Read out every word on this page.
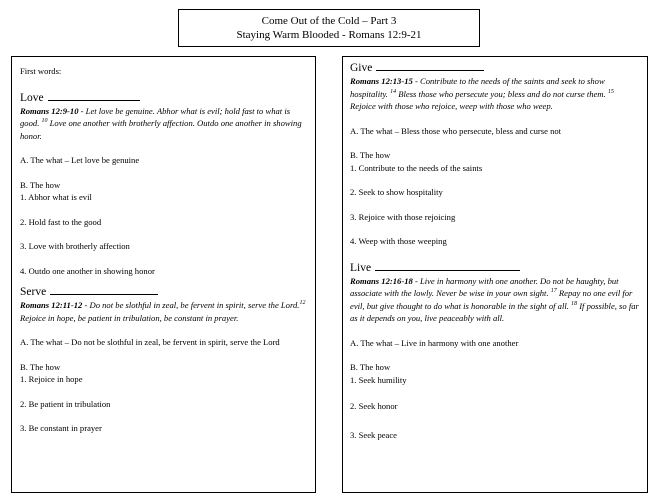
Come Out of the Cold – Part 3
Staying Warm Blooded - Romans 12:9-21
First words:
Love
Romans 12:9-10 - Let love be genuine. Abhor what is evil; hold fast to what is good. $^{10}$ Love one another with brotherly affection. Outdo one another in showing honor.
A. The what – Let love be genuine
B. The how
1. Abhor what is evil
2. Hold fast to the good
3. Love with brotherly affection
4. Outdo one another in showing honor
Serve
Romans 12:11-12 - Do not be slothful in zeal, be fervent in spirit, serve the Lord.$^{12}$ Rejoice in hope, be patient in tribulation, be constant in prayer.
A. The what – Do not be slothful in zeal, be fervent in spirit, serve the Lord
B. The how
1. Rejoice in hope
2. Be patient in tribulation
3. Be constant in prayer
Give
Romans 12:13-15 - Contribute to the needs of the saints and seek to show hospitality. $^{14}$ Bless those who persecute you; bless and do not curse them. $^{15}$ Rejoice with those who rejoice, weep with those who weep.
A. The what – Bless those who persecute, bless and curse not
B. The how
1. Contribute to the needs of the saints
2. Seek to show hospitality
3. Rejoice with those rejoicing
4. Weep with those weeping
Live
Romans 12:16-18 - Live in harmony with one another. Do not be haughty, but associate with the lowly. Never be wise in your own sight. $^{17}$ Repay no one evil for evil, but give thought to do what is honorable in the sight of all. $^{18}$ If possible, so far as it depends on you, live peaceably with all.
A. The what – Live in harmony with one another
B. The how
1. Seek humility
2. Seek honor
3. Seek peace
